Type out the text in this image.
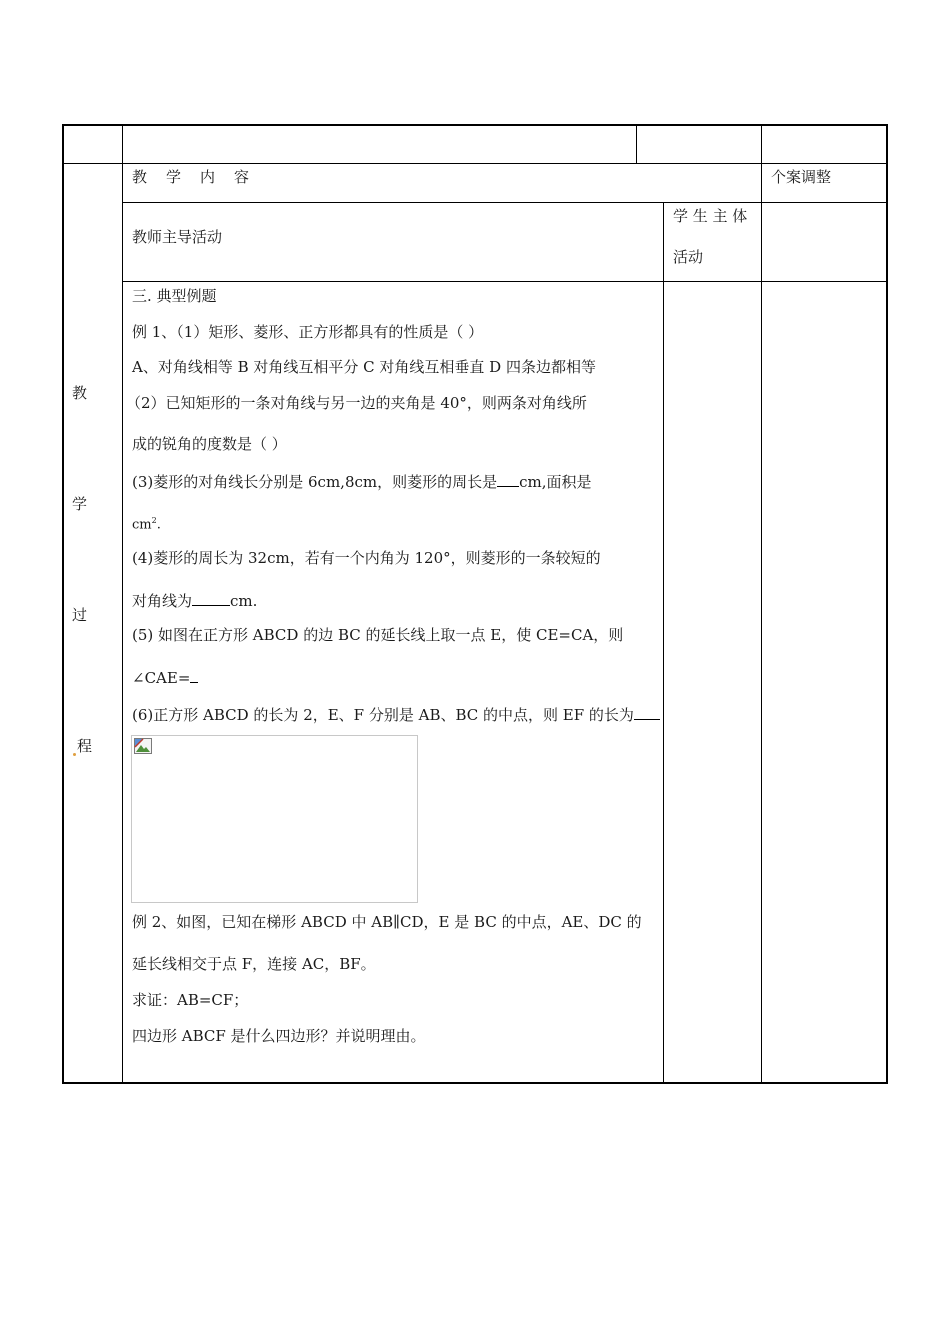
教　学　内　容	个案调整
教师主导活动
学 生 主 体
活动
教
学
过
程
三. 典型例题
例 1、（1）矩形、菱形、正方形都具有的性质是（ ）
A、对角线相等 B 对角线互相平分 C 对角线互相垂直 D 四条边都相等
（2）已知矩形的一条对角线与另一边的夹角是 40°，则两条对角线所
成的锐角的度数是（ ）
(3)菱形的对角线长分别是 6cm,8cm，则菱形的周长是 cm,面积是
$cm^2$.
(4)菱形的周长为 32cm，若有一个内角为 120°，则菱形的一条较短的
对角线为	cm.
(5) 如图在正方形 ABCD 的边 BC 的延长线上取一点 E，使 CE=CA，则
∠CAE=
(6)正方形 ABCD 的长为 2，E、F 分别是 AB、BC 的中点，则 EF 的长为
例 2、如图，已知在梯形 ABCD 中 AB∥CD，E 是 BC 的中点，AE、DC 的
延长线相交于点 F，连接 AC，BF。
求证：AB=CF；
四边形 ABCF 是什么四边形？并说明理由。
